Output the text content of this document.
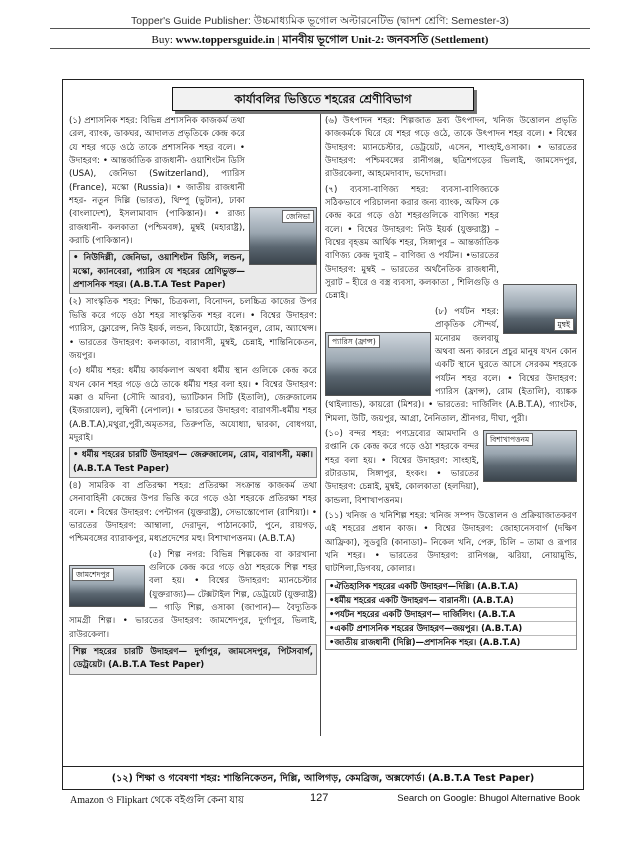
Topper's Guide Publisher: উচ্চমাধ্যমিক ভূগোল অল্টারনেটিভ (দ্বাদশ শ্রেণি: Semester-3)
Buy: www.toppersguide.in | মানবীয় ভূগোল Unit-2: জনবসতি (Settlement)
কার্যাবলির ভিত্তিতে শহরের শ্রেণীবিভাগ
জেনিভা

(১) প্রশাসনিক শহর: বিভিন্ন প্রশাসনিক কাজকর্ম তথা রেল, ব্যাংক, ডাকঘর, আদালত প্রভৃতিকে কেন্দ্র করে যে শহর গড়ে ওঠে তাকে প্রশাসনিক শহর বলে। • উদাহরণ: • আন্তর্জাতিক রাজধানী- ওয়াশিংটন ডিসি (USA), জেনিভা (Switzerland), প্যারিস (France), মস্কো (Russia)। • জাতীয় রাজধানী শহর- নতুন দিল্লি (ভারত), থিম্পু (ভুটান), ঢাকা (বাংলাদেশ), ইসলামাবাদ (পাকিস্তান)। • রাজ্য রাজধানী- কলকাতা (পশ্চিমবঙ্গ), মুম্বই (মহারাষ্ট্র), করাচি (পাকিস্তান)।

• নিউদিল্লী, জেনিভা, ওয়াশিংটন ডিসি, লন্ডন, মস্কো, ক্যানবেরা, প্যারিস যে শহরের শ্রেণিভুক্ত— প্রশাসনিক শহর। (A.B.T.A Test Paper)

(২) সাংস্কৃতিক শহর: শিক্ষা, চিত্রকলা, বিনোদন, চলচ্চিত্র কাজের উপর ভিত্তি করে গড়ে ওঠা শহর সাংস্কৃতিক শহর বলে। • বিশ্বের উদাহরণ: প্যারিস, ফ্লোরেন্স, নিউ ইয়র্ক, লন্ডন, কিয়োটো, ইস্তানবুল, রোম, অ্যাথেন্স। • ভারতের উদাহরণ: কলকাতা, বারাণসী, মুম্বই, চেন্নাই, শান্তিনিকেতন, জয়পুর।

(৩) ধর্মীয় শহর: ধর্মীয় কার্যকলাপ অথবা ধর্মীয় স্থান গুলিকে কেন্দ্র করে যখন কোন শহর গড়ে ওঠে তাকে ধর্মীয় শহর বলা হয়। • বিশ্বের উদাহরণ: মক্কা ও মদিনা (সৌদি আরব), ভ্যাটিকান সিটি (ইতালি), জেরুজালেম (ইজরায়েল), লুম্বিনী (নেপাল)। • ভারতের উদাহরণ: বারাণসী-ধর্মীয় শহর (A.B.T.A),মথুরা,পুরী,অমৃতসর, তিরুপতি, অযোধ্যা, দ্বারকা, বোধগয়া, মদুরাই।

• ধর্মীয় শহরের চারটি উদাহরণ— জেরুজালেম, রোম, বারাণসী, মক্কা। (A.B.T.A Test Paper)

(৪) সামরিক বা প্রতিরক্ষা শহর: প্রতিরক্ষা সংক্রান্ত কাজকর্ম তথা সেনাবাহিনী কেন্দ্রের উপর ভিত্তি করে গড়ে ওঠা শহরকে প্রতিরক্ষা শহর বলে। • বিশ্বের উদাহরণ: পেন্টাগন (যুক্তরাষ্ট্র), সেভাস্তোপোল (রাশিয়া)। • ভারতের উদাহরণ: আম্বালা, দেরাদুন, পাঠানকোট, পুনে, রায়গড়, পশ্চিমবঙ্গের ব্যারাকপুর, মধ্যপ্রদেশের মহু। বিশাখাপত্তনম। (A.B.T.A)

জামশেদপুর

(৫) শিল্প নগর: বিভিন্ন শিল্পকেন্দ্র বা কারখানা গুলিকে কেন্দ্র করে গড়ে ওঠা শহরকে শিল্প শহর বলা হয়। • বিশ্বের উদাহরণ: ম্যানচেস্টার (যুক্তরাজ্য)— টেক্সটাইল শিল্প, ডেট্রয়েট (যুক্তরাষ্ট্র)— গাড়ি শিল্প, ওসাকা (জাপান)— বৈদ্যুতিক সামগ্রী শিল্প। • ভারতের উদাহরণ: জামশেদপুর, দুর্গাপুর, ভিলাই, রাউরকেলা।

শিল্প শহরের চারটি উদাহরণ— দুর্গাপুর, জামসেদপুর, পিটসবার্গ, ডেট্রয়েট। (A.B.T.A Test Paper)

(৬) উৎপাদন শহর: শিল্পজাত দ্রব্য উৎপাদন, খনিজ উত্তোলন প্রভৃতি কাজকর্মকে ঘিরে যে শহর গড়ে ওঠে, তাকে উৎপাদন শহর বলে। • বিশ্বের উদাহরণ: ম্যানচেস্টার, ডেট্রয়েট, এসেন, শাংহাই,ওসাকা। • ভারতের উদাহরণ: পশ্চিমবঙ্গের রানীগঞ্জ, ছত্রিশগড়ের ভিলাই, জামসেদপুর, রাউরকেলা, আহমেদাবাদ, ভদোদরা।

মুম্বই

(৭) ব্যবসা-বাণিজ্য শহর: ব্যবসা-বাণিজ্যকে সঠিকভাবে পরিচালনা করার জন্য ব্যাংক, অফিস কে কেন্দ্র করে গড়ে ওঠা শহরগুলিকে বাণিজ্য শহর বলে। • বিশ্বের উদাহরণ: নিউ ইয়র্ক (যুক্তরাষ্ট্র) – বিশ্বের বৃহত্তম আর্থিক শহর, সিঙ্গাপুর – আন্তর্জাতিক বাণিজ্য কেন্দ্র দুবাই – বাণিজ্য ও পর্যটন। •ভারতের উদাহরণ: মুম্বই – ভারতের অর্থনৈতিক রাজধানী, সুরাট – হীরে ও বস্ত্র ব্যবসা, কলকাতা , শিলিগুড়ি ও চেন্নাই।

প্যারিস (ফ্রান্স)

(৮) পর্যটন শহর: প্রাকৃতিক সৌন্দর্য, মনোরম জলবায়ু অথবা অন্য কারনে প্রচুর মানুষ যখন কোন একটি স্থানে ঘুরতে আসে সেরকম শহরকে পর্যটন শহর বলে। • বিশ্বের উদাহরণ: প্যারিস (ফ্রান্স), রোম (ইতালি), ব্যাঙ্কক (থাইল্যান্ড), কায়রো (মিশর)। • ভারতের: দার্জিলিং (A.B.T.A), গ্যাংটক, শিমলা, উটি, জয়পুর, আগ্রা, নৈনিতাল, শ্রীনগর, দীঘা, পুরী।

বিশাখাপত্তনম

(১০) বন্দর শহর: পণ্যদ্রব্যের আমদানি ও রপ্তানি কে কেন্দ্র করে গড়ে ওঠা শহরকে বন্দর শহর বলা হয়। • বিশ্বের উদাহরণ: সাংহাই, রটারডাম, সিঙ্গাপুর, হংকং। • ভারতের উদাহরণ: চেন্নাই, মুম্বই, কোলকাতা (হলদিয়া), কান্ডলা, বিশাখাপত্তনম।

(১১) খনিজ ও খনিশিল্প শহর: খনিজ সম্পদ উত্তোলন ও প্রক্রিয়াজাতকরণ এই শহরের প্রধান কাজ। • বিশ্বের উদাহরণ: জোহানেসবার্গ (দক্ষিণ আফ্রিকা), সুডবুরি (কানাডা)– নিকেল খনি, পেরু, চিলি – তামা ও রূপার খনি শহর। • ভারতের উদাহরণ: রানিগঞ্জ, ঝরিয়া, নোয়ামুন্ডি, ঘাটশিলা,ডিগবয়, কোলার।

•ঐতিহাসিক শহরের একটি উদাহরণ—দিল্লি। (A.B.T.A)
•ধর্মীয় শহরের একটি উদাহরণ— বারানসী। (A.B.T.A)
•পর্যটন শহরের একটি উদাহরণ— দার্জিলিং। (A.B.T.A
•একটি প্রশাসনিক শহরের উদাহরণ—জয়পুর। (A.B.T.A)
•জাতীয় রাজধানী (দিল্লি)—প্রশাসনিক শহর। (A.B.T.A)
(১২) শিক্ষা ও গবেষণা শহর: শান্তিনিকেতন, দিল্লি, আলিগড়, কেমব্রিজ, অক্সফোর্ড। (A.B.T.A Test Paper)
Amazon ও Flipkart থেকে বইগুলি কেনা যায়	127	Search on Google: Bhugol Alternative Book
